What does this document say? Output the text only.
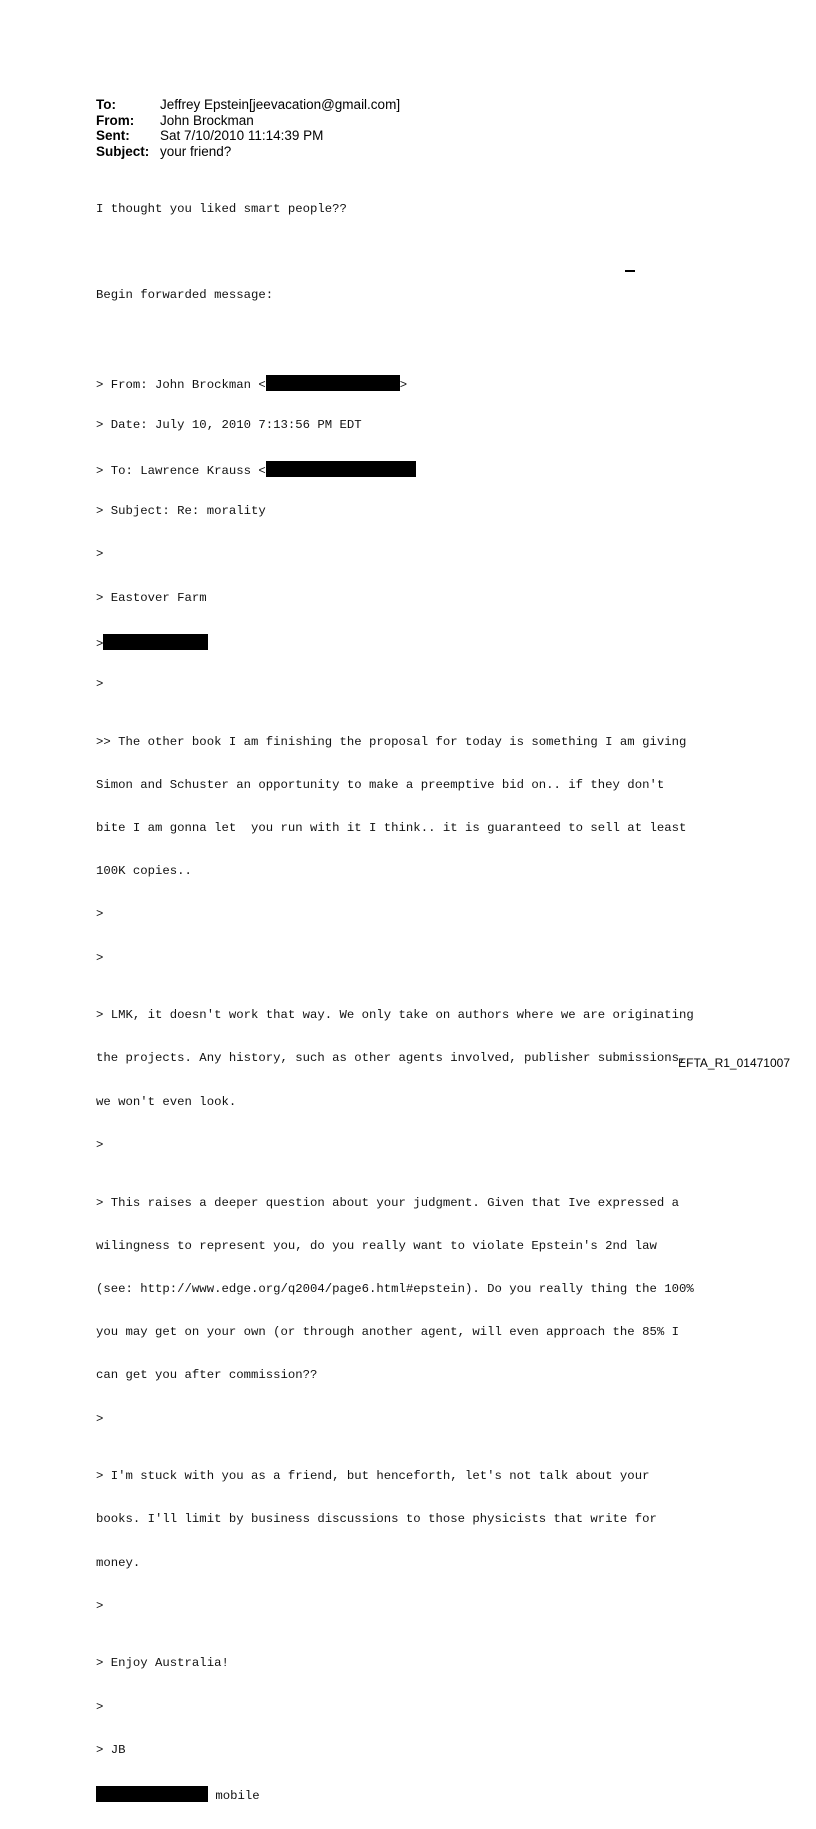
To:	Jeffrey Epstein[jeevacation@gmail.com]
From:	John Brockman
Sent:	Sat 7/10/2010 11:14:39 PM
Subject: your friend?

I thought you liked smart people??

Begin forwarded message:

> From: John Brockman <	>

> Date: July 10, 2010 7:13:56 PM EDT

> To: Lawrence Krauss <

> Subject: Re: morality

>

> Eastover Farm

>

>

>> The other book I am finishing the proposal for today is something I am giving

Simon and Schuster an opportunity to make a preemptive bid on.. if they don't

bite I am gonna let  you run with it I think.. it is guaranteed to sell at least

100K copies..

>

>

> LMK, it doesn't work that way. We only take on authors where we are originating

the projects. Any history, such as other agents involved, publisher submissions,

we won't even look.

>

> This raises a deeper question about your judgment. Given that Ive expressed a

wilingness to represent you, do you really want to violate Epstein's 2nd law

(see: http://www.edge.org/q2004/page6.html#epstein). Do you really thing the 100%

you may get on your own (or through another agent, will even approach the 85% I

can get you after commission??

>

> I'm stuck with you as a friend, but henceforth, let's not talk about your

books. I'll limit by business discussions to those physicists that write for

money.

>

> Enjoy Australia!

>

> JB

mobile

EFTA_R1_01471007
